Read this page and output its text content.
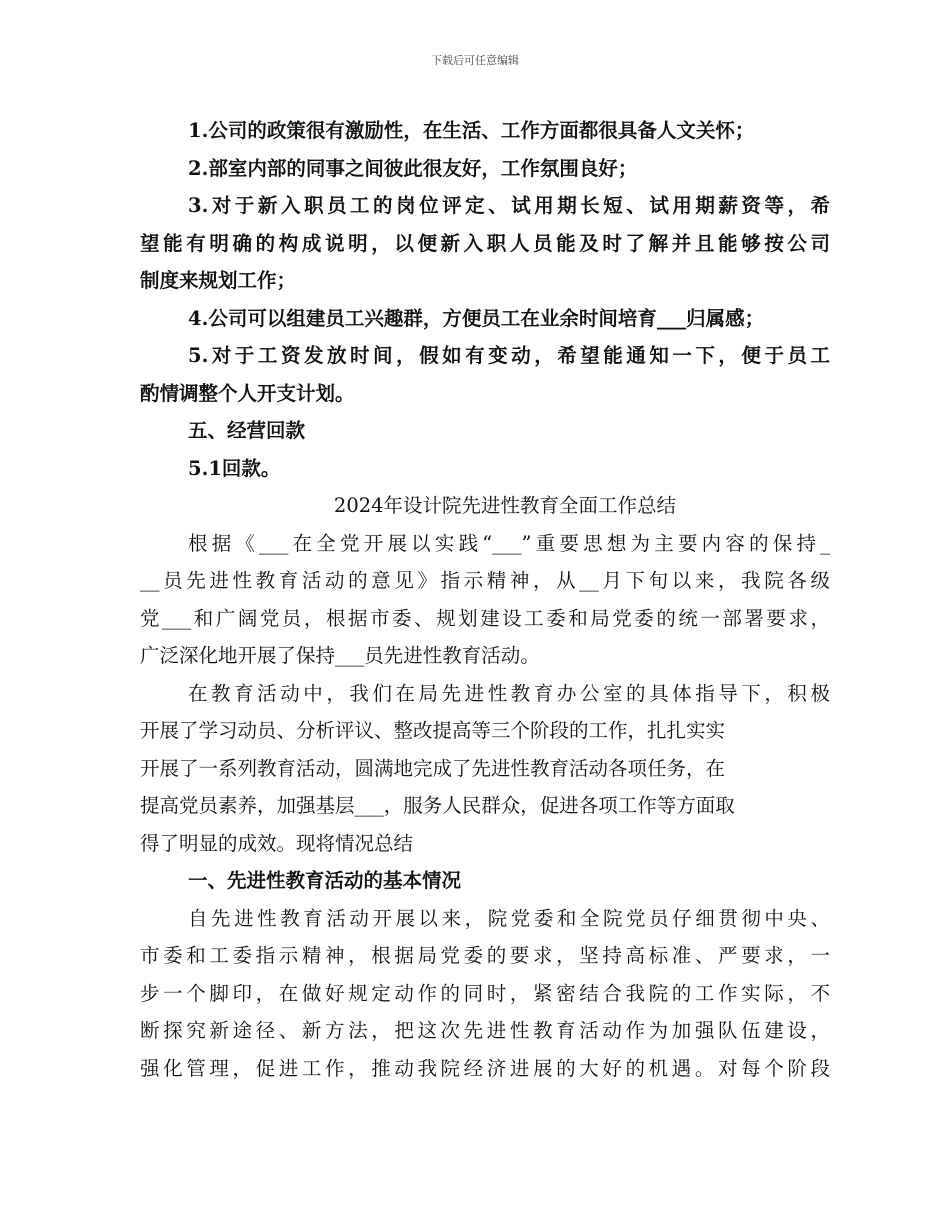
下载后可任意编辑
1.公司的政策很有激励性，在生活、工作方面都很具备人文关怀；
2.部室内部的同事之间彼此很友好，工作氛围良好；
3.对于新入职员工的岗位评定、试用期长短、试用期薪资等，希
望能有明确的构成说明，以便新入职人员能及时了解并且能够按公司
制度来规划工作；
4.公司可以组建员工兴趣群，方便员工在业余时间培育___归属感；
5.对于工资发放时间，假如有变动，希望能通知一下，便于员工
酌情调整个人开支计划。
五、经营回款
5.1回款。
2024年设计院先进性教育全面工作总结
根据《___在全党开展以实践“___”重要思想为主要内容的保持_
__员先进性教育活动的意见》指示精神，从__月下旬以来，我院各级
党___和广阔党员，根据市委、规划建设工委和局党委的统一部署要求，
广泛深化地开展了保持___员先进性教育活动。
在教育活动中，我们在局先进性教育办公室的具体指导下，积极
开展了学习动员、分析评议、整改提高等三个阶段的工作，扎扎实实
开展了一系列教育活动，圆满地完成了先进性教育活动各项任务，在
提高党员素养，加强基层___，服务人民群众，促进各项工作等方面取
得了明显的成效。现将情况总结
一、先进性教育活动的基本情况
自先进性教育活动开展以来，院党委和全院党员仔细贯彻中央、
市委和工委指示精神，根据局党委的要求，坚持高标准、严要求，一
步一个脚印，在做好规定动作的同时，紧密结合我院的工作实际，不
断探究新途径、新方法，把这次先进性教育活动作为加强队伍建设，
强化管理，促进工作，推动我院经济进展的大好的机遇。对每个阶段
